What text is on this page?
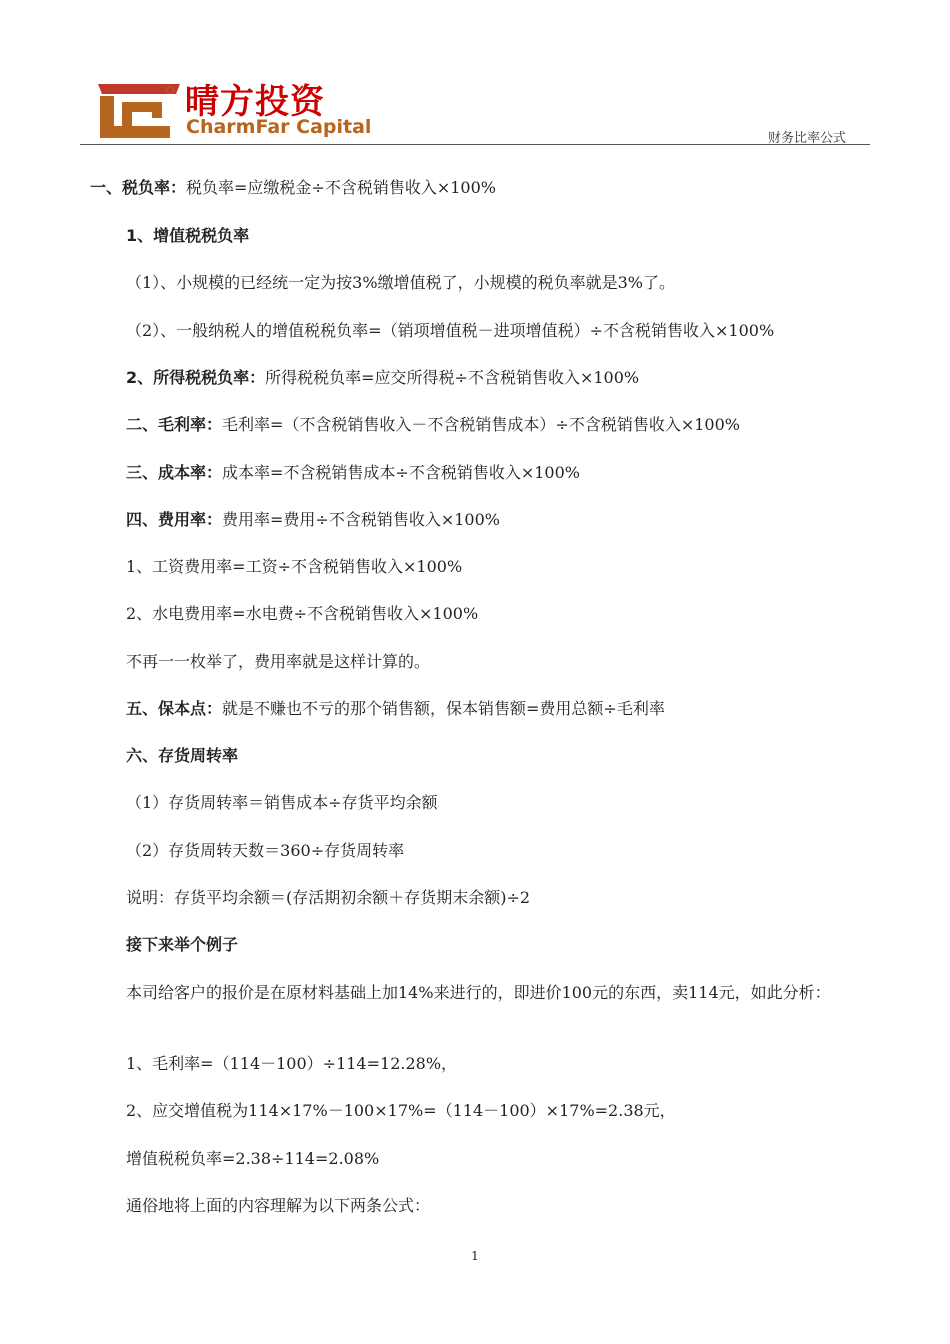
晴方投资
CharmFar Capital
财务比率公式
一、税负率：税负率=应缴税金÷不含税销售收入×100%
1、增值税税负率
（1）、小规模的已经统一定为按3%缴增值税了，小规模的税负率就是3%了。
（2）、一般纳税人的增值税税负率=（销项增值税－进项增值税）÷不含税销售收入×100%
2、所得税税负率：所得税税负率=应交所得税÷不含税销售收入×100%
二、毛利率：毛利率=（不含税销售收入－不含税销售成本）÷不含税销售收入×100%
三、成本率：成本率=不含税销售成本÷不含税销售收入×100%
四、费用率：费用率=费用÷不含税销售收入×100%
1、工资费用率=工资÷不含税销售收入×100%
2、水电费用率=水电费÷不含税销售收入×100%
不再一一枚举了，费用率就是这样计算的。
五、保本点：就是不赚也不亏的那个销售额，保本销售额=费用总额÷毛利率
六、存货周转率
（1）存货周转率＝销售成本÷存货平均余额
（2）存货周转天数＝360÷存货周转率
说明：存货平均余额＝(存活期初余额＋存货期末余额)÷2
接下来举个例子
本司给客户的报价是在原材料基础上加14%来进行的，即进价100元的东西，卖114元，如此分析：
1、毛利率=（114－100）÷114=12.28%，
2、应交增值税为114×17%－100×17%=（114－100）×17%=2.38元，
增值税税负率=2.38÷114=2.08%
通俗地将上面的内容理解为以下两条公式：
1
